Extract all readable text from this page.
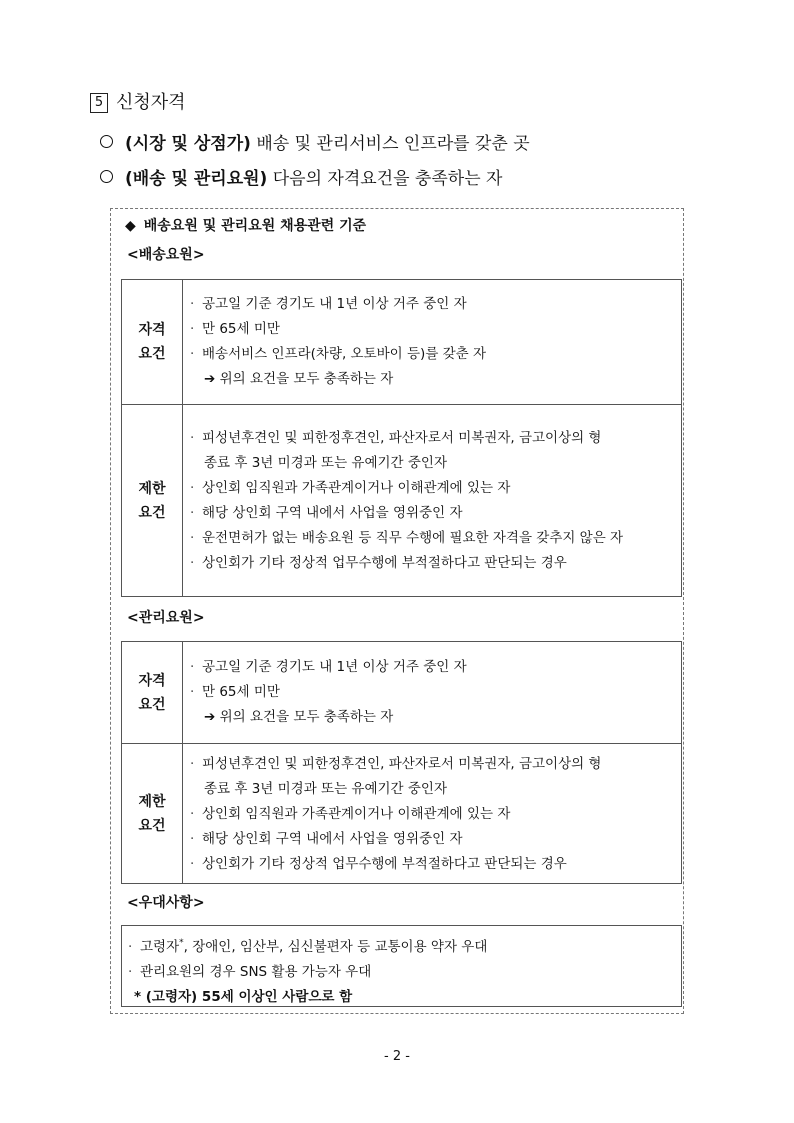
5 신청자격
(시장 및 상점가) 배송 및 관리서비스 인프라를 갖춘 곳
(배송 및 관리요원) 다음의 자격요건을 충족하는 자
◆ 배송요원 및 관리요원 채용관련 기준
<배송요원>
자격
요건
· 공고일 기준 경기도 내 1년 이상 거주 중인 자
· 만 65세 미만
· 배송서비스 인프라(차량, 오토바이 등)를 갖춘 자
➔ 위의 요건을 모두 충족하는 자
제한
요건
· 피성년후견인 및 피한정후견인, 파산자로서 미복권자, 금고이상의 형
종료 후 3년 미경과 또는 유예기간 중인자
· 상인회 임직원과 가족관계이거나 이해관계에 있는 자
· 해당 상인회 구역 내에서 사업을 영위중인 자
· 운전면허가 없는 배송요원 등 직무 수행에 필요한 자격을 갖추지 않은 자
· 상인회가 기타 정상적 업무수행에 부적절하다고 판단되는 경우
<관리요원>
자격
요건
· 공고일 기준 경기도 내 1년 이상 거주 중인 자
· 만 65세 미만
➔ 위의 요건을 모두 충족하는 자
제한
요건
· 피성년후견인 및 피한정후견인, 파산자로서 미복권자, 금고이상의 형
종료 후 3년 미경과 또는 유예기간 중인자
· 상인회 임직원과 가족관계이거나 이해관계에 있는 자
· 해당 상인회 구역 내에서 사업을 영위중인 자
· 상인회가 기타 정상적 업무수행에 부적절하다고 판단되는 경우
<우대사항>
· 고령자*, 장애인, 임산부, 심신불편자 등 교통이용 약자 우대
· 관리요원의 경우 SNS 활용 가능자 우대
* (고령자) 55세 이상인 사람으로 함
- 2 -
